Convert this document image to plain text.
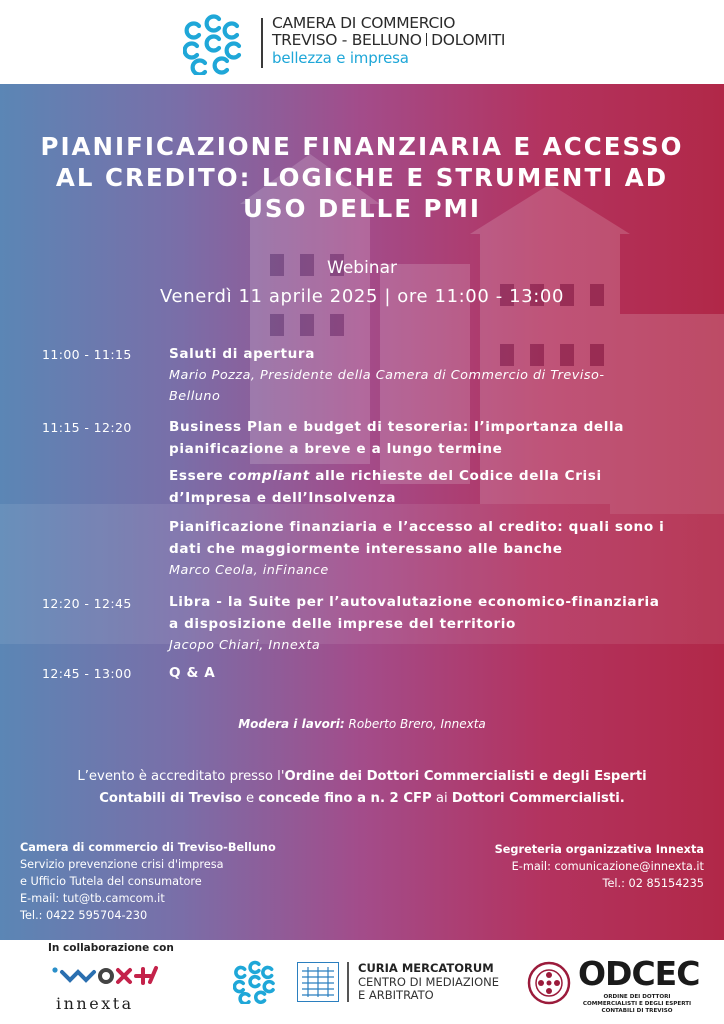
CAMERA DI COMMERCIO
TREVISO - BELLUNO DOLOMITI
bellezza e impresa
PIANIFICAZIONE FINANZIARIA E ACCESSO AL CREDITO: LOGICHE E STRUMENTI AD USO DELLE PMI
Webinar
Venerdì 11 aprile 2025 | ore 11:00 - 13:00
11:00 - 11:15	Saluti di apertura
Mario Pozza, Presidente della Camera di Commercio di Treviso-Belluno
11:15 - 12:20	Business Plan e budget di tesoreria: l’importanza della pianificazione a breve e a lungo termine
Essere compliant alle richieste del Codice della Crisi d’Impresa e dell’Insolvenza
Pianificazione finanziaria e l’accesso al credito: quali sono i dati che maggiormente interessano alle banche
Marco Ceola, inFinance
12:20 - 12:45	Libra - la Suite per l’autovalutazione economico-finanziaria a disposizione delle imprese del territorio
Jacopo Chiari, Innexta
12:45 - 13:00	Q & A
Modera i lavori: Roberto Brero, Innexta
L’evento è accreditato presso l'Ordine dei Dottori Commercialisti e degli Esperti Contabili di Treviso e concede fino a n. 2 CFP ai Dottori Commercialisti.
Camera di commercio di Treviso-Belluno
Servizio prevenzione crisi d'impresa
e Ufficio Tutela del consumatore
E-mail: tut@tb.camcom.it
Tel.: 0422 595704-230
Segreteria organizzativa Innexta
E-mail: comunicazione@innexta.it
Tel.: 02 85154235
In collaborazione con
innexta
CURIA MERCATORUM
CENTRO DI MEDIAZIONE
E ARBITRATO
ODCEC
ORDINE DEI DOTTORI COMMERCIALISTI E DEGLI ESPERTI CONTABILI DI TREVISO
